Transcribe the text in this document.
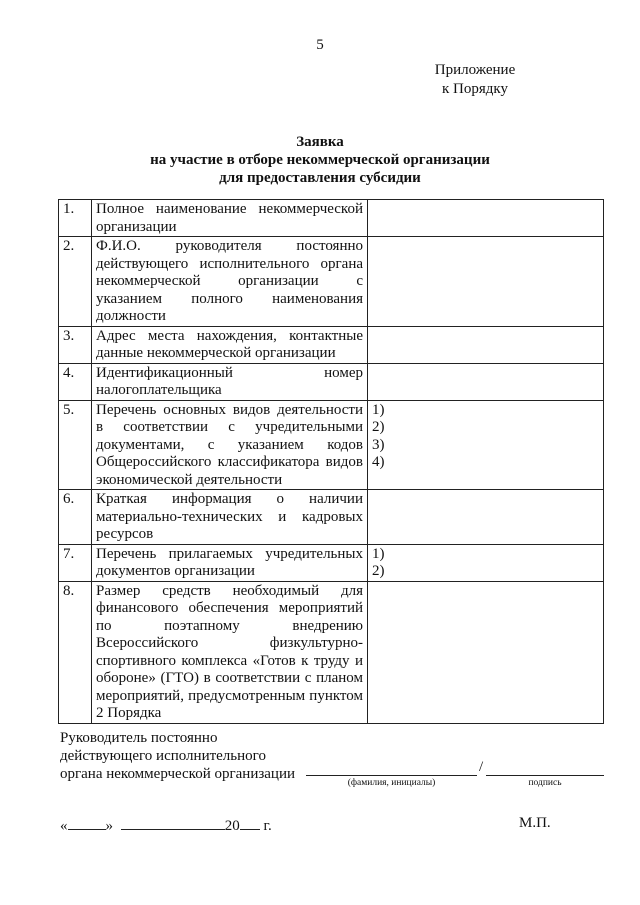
5
Приложение
к Порядку
Заявка
на участие в отборе некоммерческой организации
для предоставления субсидии
1.	Полное наименование некоммерческой организации	
2.	Ф.И.О. руководителя постоянно действующего исполнительного органа некоммерческой организации с указанием полного наименования должности	
3.	Адрес места нахождения, контактные данные некоммерческой организации	
4.	Идентификационный номер налогоплательщика	
5.	Перечень основных видов деятельности в соответствии с учредительными документами, с указанием кодов Общероссийского классификатора видов экономической деятельности	1)
2)
3)
4)

6.	Краткая информация о наличии материально-технических и кадровых ресурсов	
7.	Перечень прилагаемых учредительных документов организации	1)
2)

8.	Размер средств необходимый для финансового обеспечения мероприятий по поэтапному внедрению Всероссийского физкультурно-спортивного комплекса «Готов к труду и обороне» (ГТО) в соответствии с планом мероприятий, предусмотренным пунктом 2 Порядка	
Руководитель постоянно
действующего исполнительного
органа некоммерческой организации	/
(фамилия, инициалы)	подпись
«	»	20 г.	М.П.
